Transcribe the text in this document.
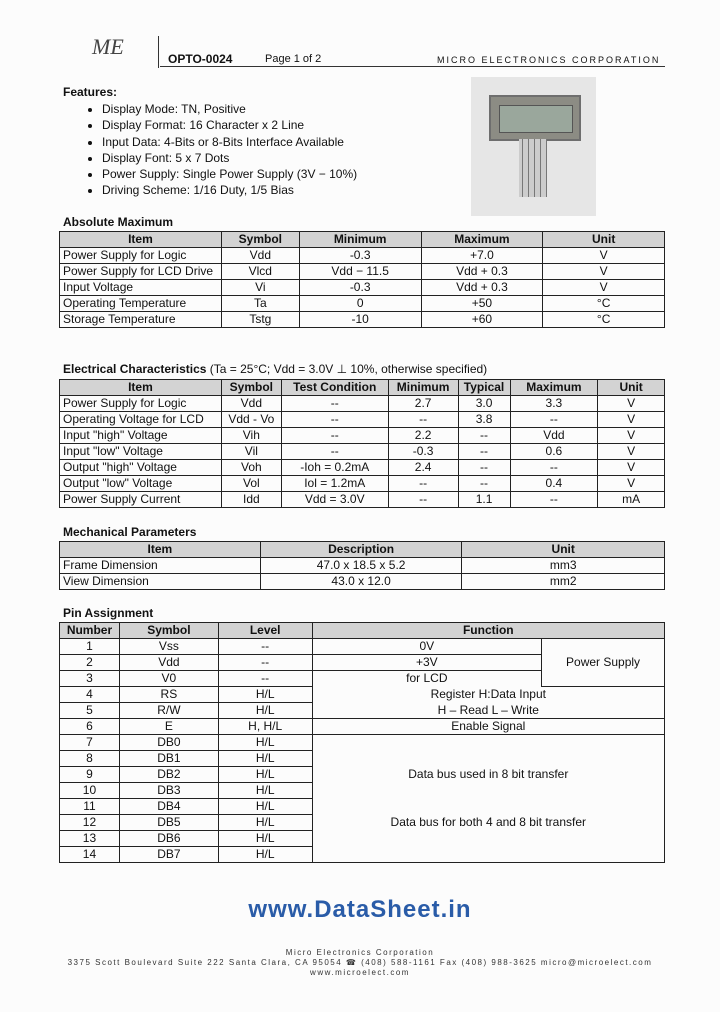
ME	OPTO-0024	Page 1 of 2	MICRO ELECTRONICS CORPORATION
Features:
• Display Mode: TN, Positive
• Display Format: 16 Character x 2 Line
• Input Data: 4-Bits or 8-Bits Interface Available
• Display Font: 5 x 7 Dots
• Power Supply: Single Power Supply (3V − 10%)
• Driving Scheme: 1/16 Duty, 1/5 Bias
Absolute Maximum
Item	Symbol	Minimum	Maximum	Unit
Power Supply for Logic	Vdd	-0.3	+7.0	V
Power Supply for LCD Drive	Vlcd	Vdd − 11.5	Vdd + 0.3	V
Input Voltage	Vi	-0.3	Vdd + 0.3	V
Operating Temperature	Ta	0	+50	°C
Storage Temperature	Tstg	-10	+60	°C
Electrical Characteristics (Ta = 25°C; Vdd = 3.0V ⊥ 10%, otherwise specified)
Item	Symbol	Test Condition	Minimum	Typical	Maximum	Unit
Power Supply for Logic	Vdd	--	2.7	3.0	3.3	V
Operating Voltage for LCD	Vdd - Vo	--	--	3.8	--	V
Input "high" Voltage	Vih	--	2.2	--	Vdd	V
Input "low" Voltage	Vil	--	-0.3	--	0.6	V
Output "high" Voltage	Voh	-Ioh = 0.2mA	2.4	--	--	V
Output "low" Voltage	Vol	Iol = 1.2mA	--	--	0.4	V
Power Supply Current	Idd	Vdd = 3.0V	--	1.1	--	mA
Mechanical Parameters
Item	Description	Unit
Frame Dimension	47.0 x 18.5 x 5.2	mm3
View Dimension	43.0 x 12.0	mm2
Pin Assignment
Number	Symbol	Level	Function	
1	Vss	--	0V	Power Supply
2	Vdd	--	+3V	
3	V0	--	for LCD	
4	RS	H/L	Register H:Data Input	
5	R/W	H/L	H – Read L – Write	
6	E	H, H/L	Enable Signal	
7	DB0	H/L	Data bus used in 8 bit transfer	
8	DB1	H/L		
9	DB2	H/L		
10	DB3	H/L		
11	DB4	H/L		
12	DB5	H/L	Data bus for both 4 and 8 bit transfer	
13	DB6	H/L		
14	DB7	H/L		
www.DataSheet.in
Micro Electronics Corporation
3375 Scott Boulevard Suite 222 Santa Clara, CA 95054 ☎ (408) 588-1161 Fax (408) 988-3625 micro@microelect.com
www.microelect.com
